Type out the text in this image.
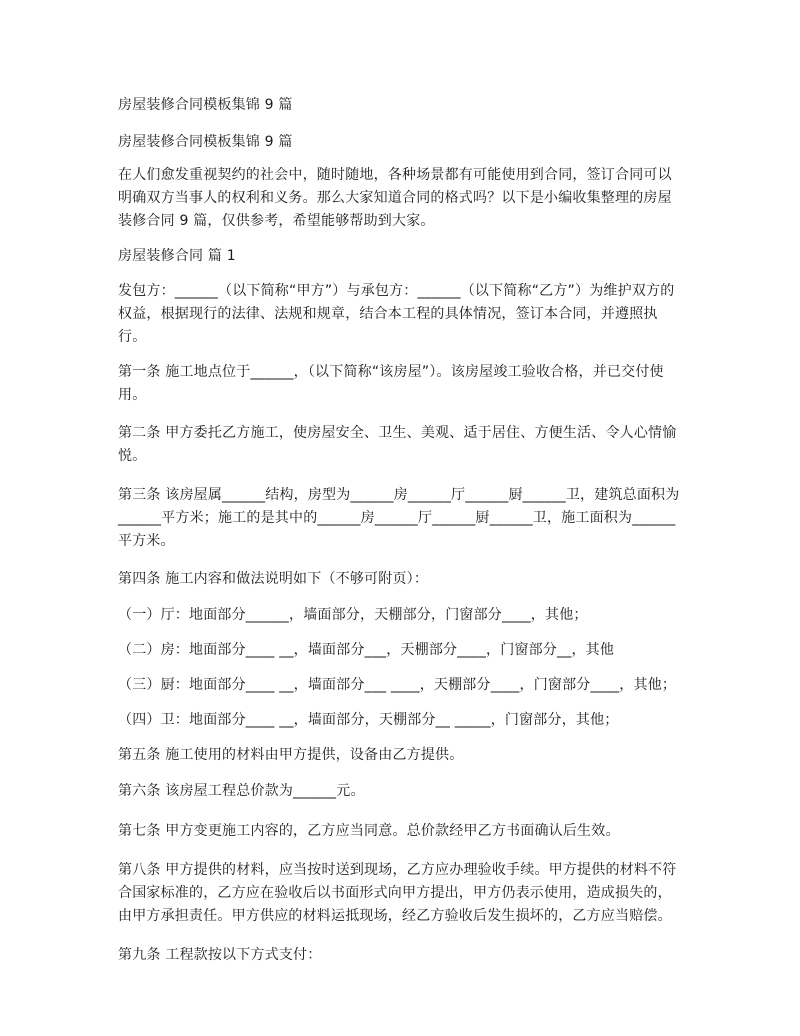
房屋装修合同模板集锦 9 篇

房屋装修合同模板集锦 9 篇

在人们愈发重视契约的社会中，随时随地，各种场景都有可能使用到合同，签订合同可以明确双方当事人的权利和义务。那么大家知道合同的格式吗？以下是小编收集整理的房屋装修合同 9 篇，仅供参考，希望能够帮助到大家。

房屋装修合同 篇 1

发包方：______（以下简称“甲方”）与承包方：______（以下简称“乙方”）为维护双方的权益，根据现行的法律、法规和规章，结合本工程的具体情况，签订本合同，并遵照执行。

第一条 施工地点位于______，（以下简称“该房屋”）。该房屋竣工验收合格，并已交付使用。

第二条 甲方委托乙方施工，使房屋安全、卫生、美观、适于居住、方便生活、令人心情愉悦。

第三条 该房屋属______结构，房型为______房______厅______厨______卫，建筑总面积为______平方米；施工的是其中的______房______厅______厨______卫，施工面积为______平方米。

第四条 施工内容和做法说明如下（不够可附页）：

（一）厅：地面部分______，墙面部分，天棚部分，门窗部分____，其他；

（二）房：地面部分____ __，墙面部分___，天棚部分____，门窗部分__，其他

（三）厨：地面部分____ __，墙面部分___ ____，天棚部分____，门窗部分____，其他；

（四）卫：地面部分____ __，墙面部分，天棚部分__ _____，门窗部分，其他；

第五条 施工使用的材料由甲方提供，设备由乙方提供。

第六条 该房屋工程总价款为______元。

第七条 甲方变更施工内容的，乙方应当同意。总价款经甲乙方书面确认后生效。

第八条 甲方提供的材料，应当按时送到现场，乙方应办理验收手续。甲方提供的材料不符合国家标准的，乙方应在验收后以书面形式向甲方提出，甲方仍表示使用，造成损失的，由甲方承担责任。甲方供应的材料运抵现场，经乙方验收后发生损坏的，乙方应当赔偿。

第九条 工程款按以下方式支付：
